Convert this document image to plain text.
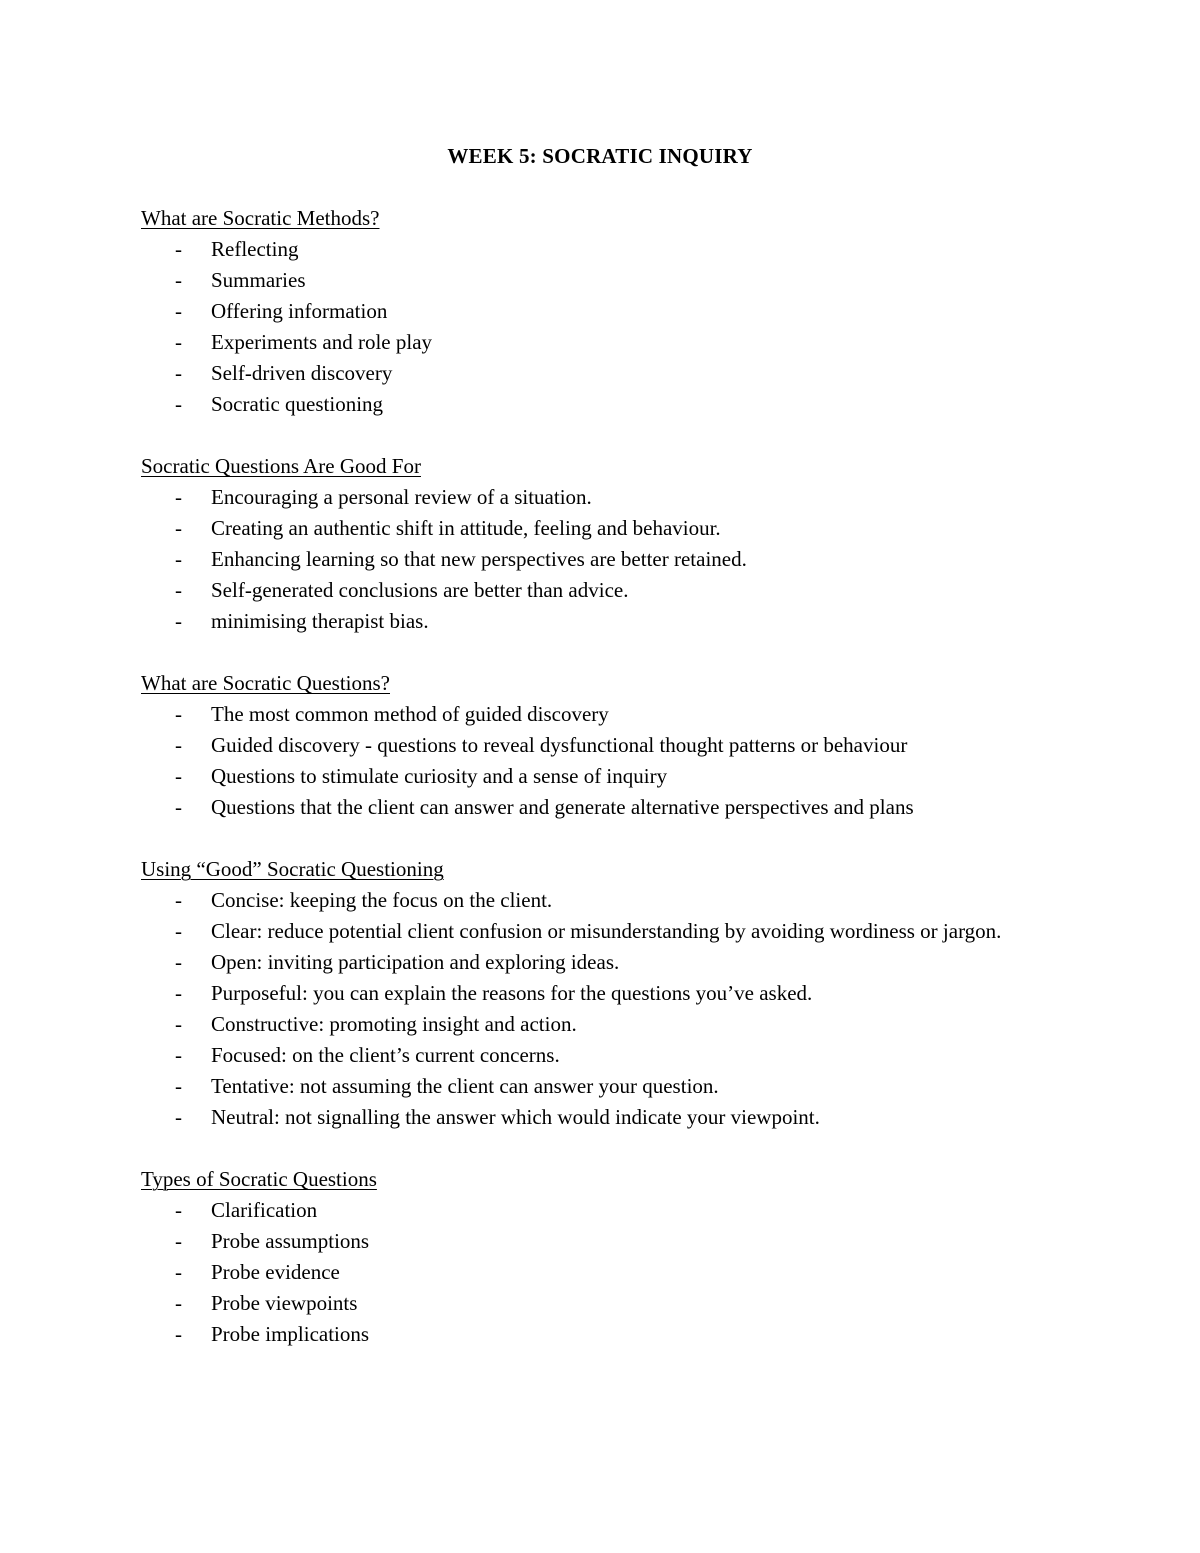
WEEK 5: SOCRATIC INQUIRY
What are Socratic Methods?
- Reflecting
- Summaries
- Offering information
- Experiments and role play
- Self-driven discovery
- Socratic questioning
Socratic Questions Are Good For
- Encouraging a personal review of a situation.
- Creating an authentic shift in attitude, feeling and behaviour.
- Enhancing learning so that new perspectives are better retained.
- Self-generated conclusions are better than advice.
- minimising therapist bias.
What are Socratic Questions?
- The most common method of guided discovery
- Guided discovery - questions to reveal dysfunctional thought patterns or behaviour
- Questions to stimulate curiosity and a sense of inquiry
- Questions that the client can answer and generate alternative perspectives and plans
Using “Good” Socratic Questioning
- Concise: keeping the focus on the client.
- Clear: reduce potential client confusion or misunderstanding by avoiding wordiness or jargon.
- Open: inviting participation and exploring ideas.
- Purposeful: you can explain the reasons for the questions you’ve asked.
- Constructive: promoting insight and action.
- Focused: on the client’s current concerns.
- Tentative: not assuming the client can answer your question.
- Neutral: not signalling the answer which would indicate your viewpoint.
Types of Socratic Questions
- Clarification
- Probe assumptions
- Probe evidence
- Probe viewpoints
- Probe implications
